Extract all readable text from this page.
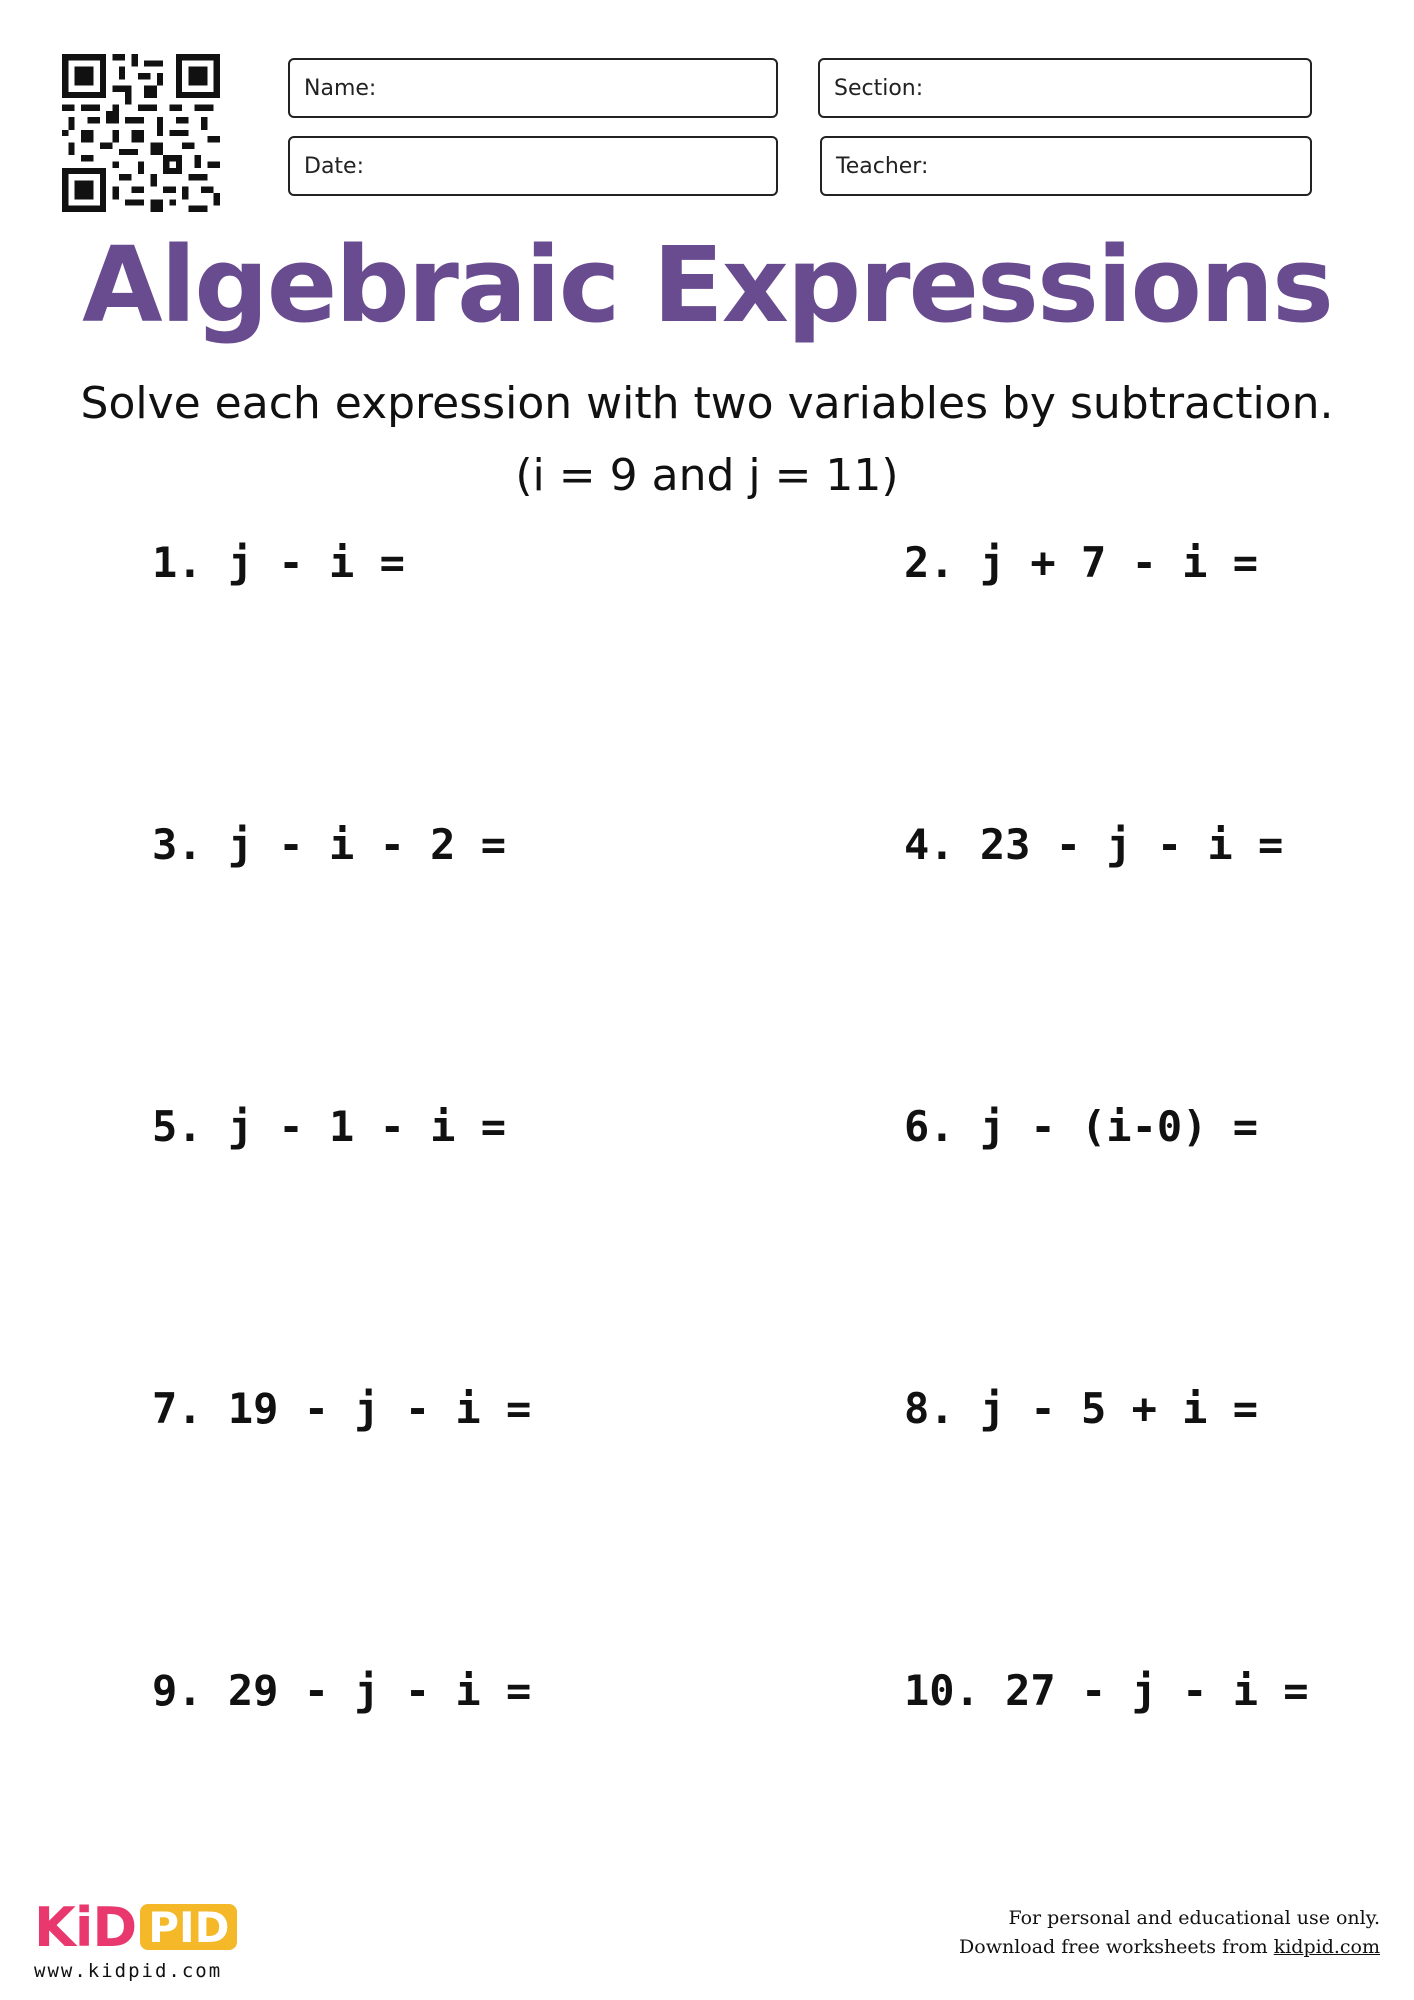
Name:	Section:
Date:	Teacher:
Algebraic Expressions
Solve each expression with two variables by subtraction.
(i = 9 and j = 11)
1. j - i =	2. j + 7 - i =
3. j - i - 2 =	4. 23 - j - i =
5. j - 1 - i =	6. j - (i-0) =
7. 19 - j - i =	8. j - 5 + i =
9. 29 - j - i =	10. 27 - j - i =
KiD PID
www.kidpid.com
For personal and educational use only.
Download free worksheets from kidpid.com
